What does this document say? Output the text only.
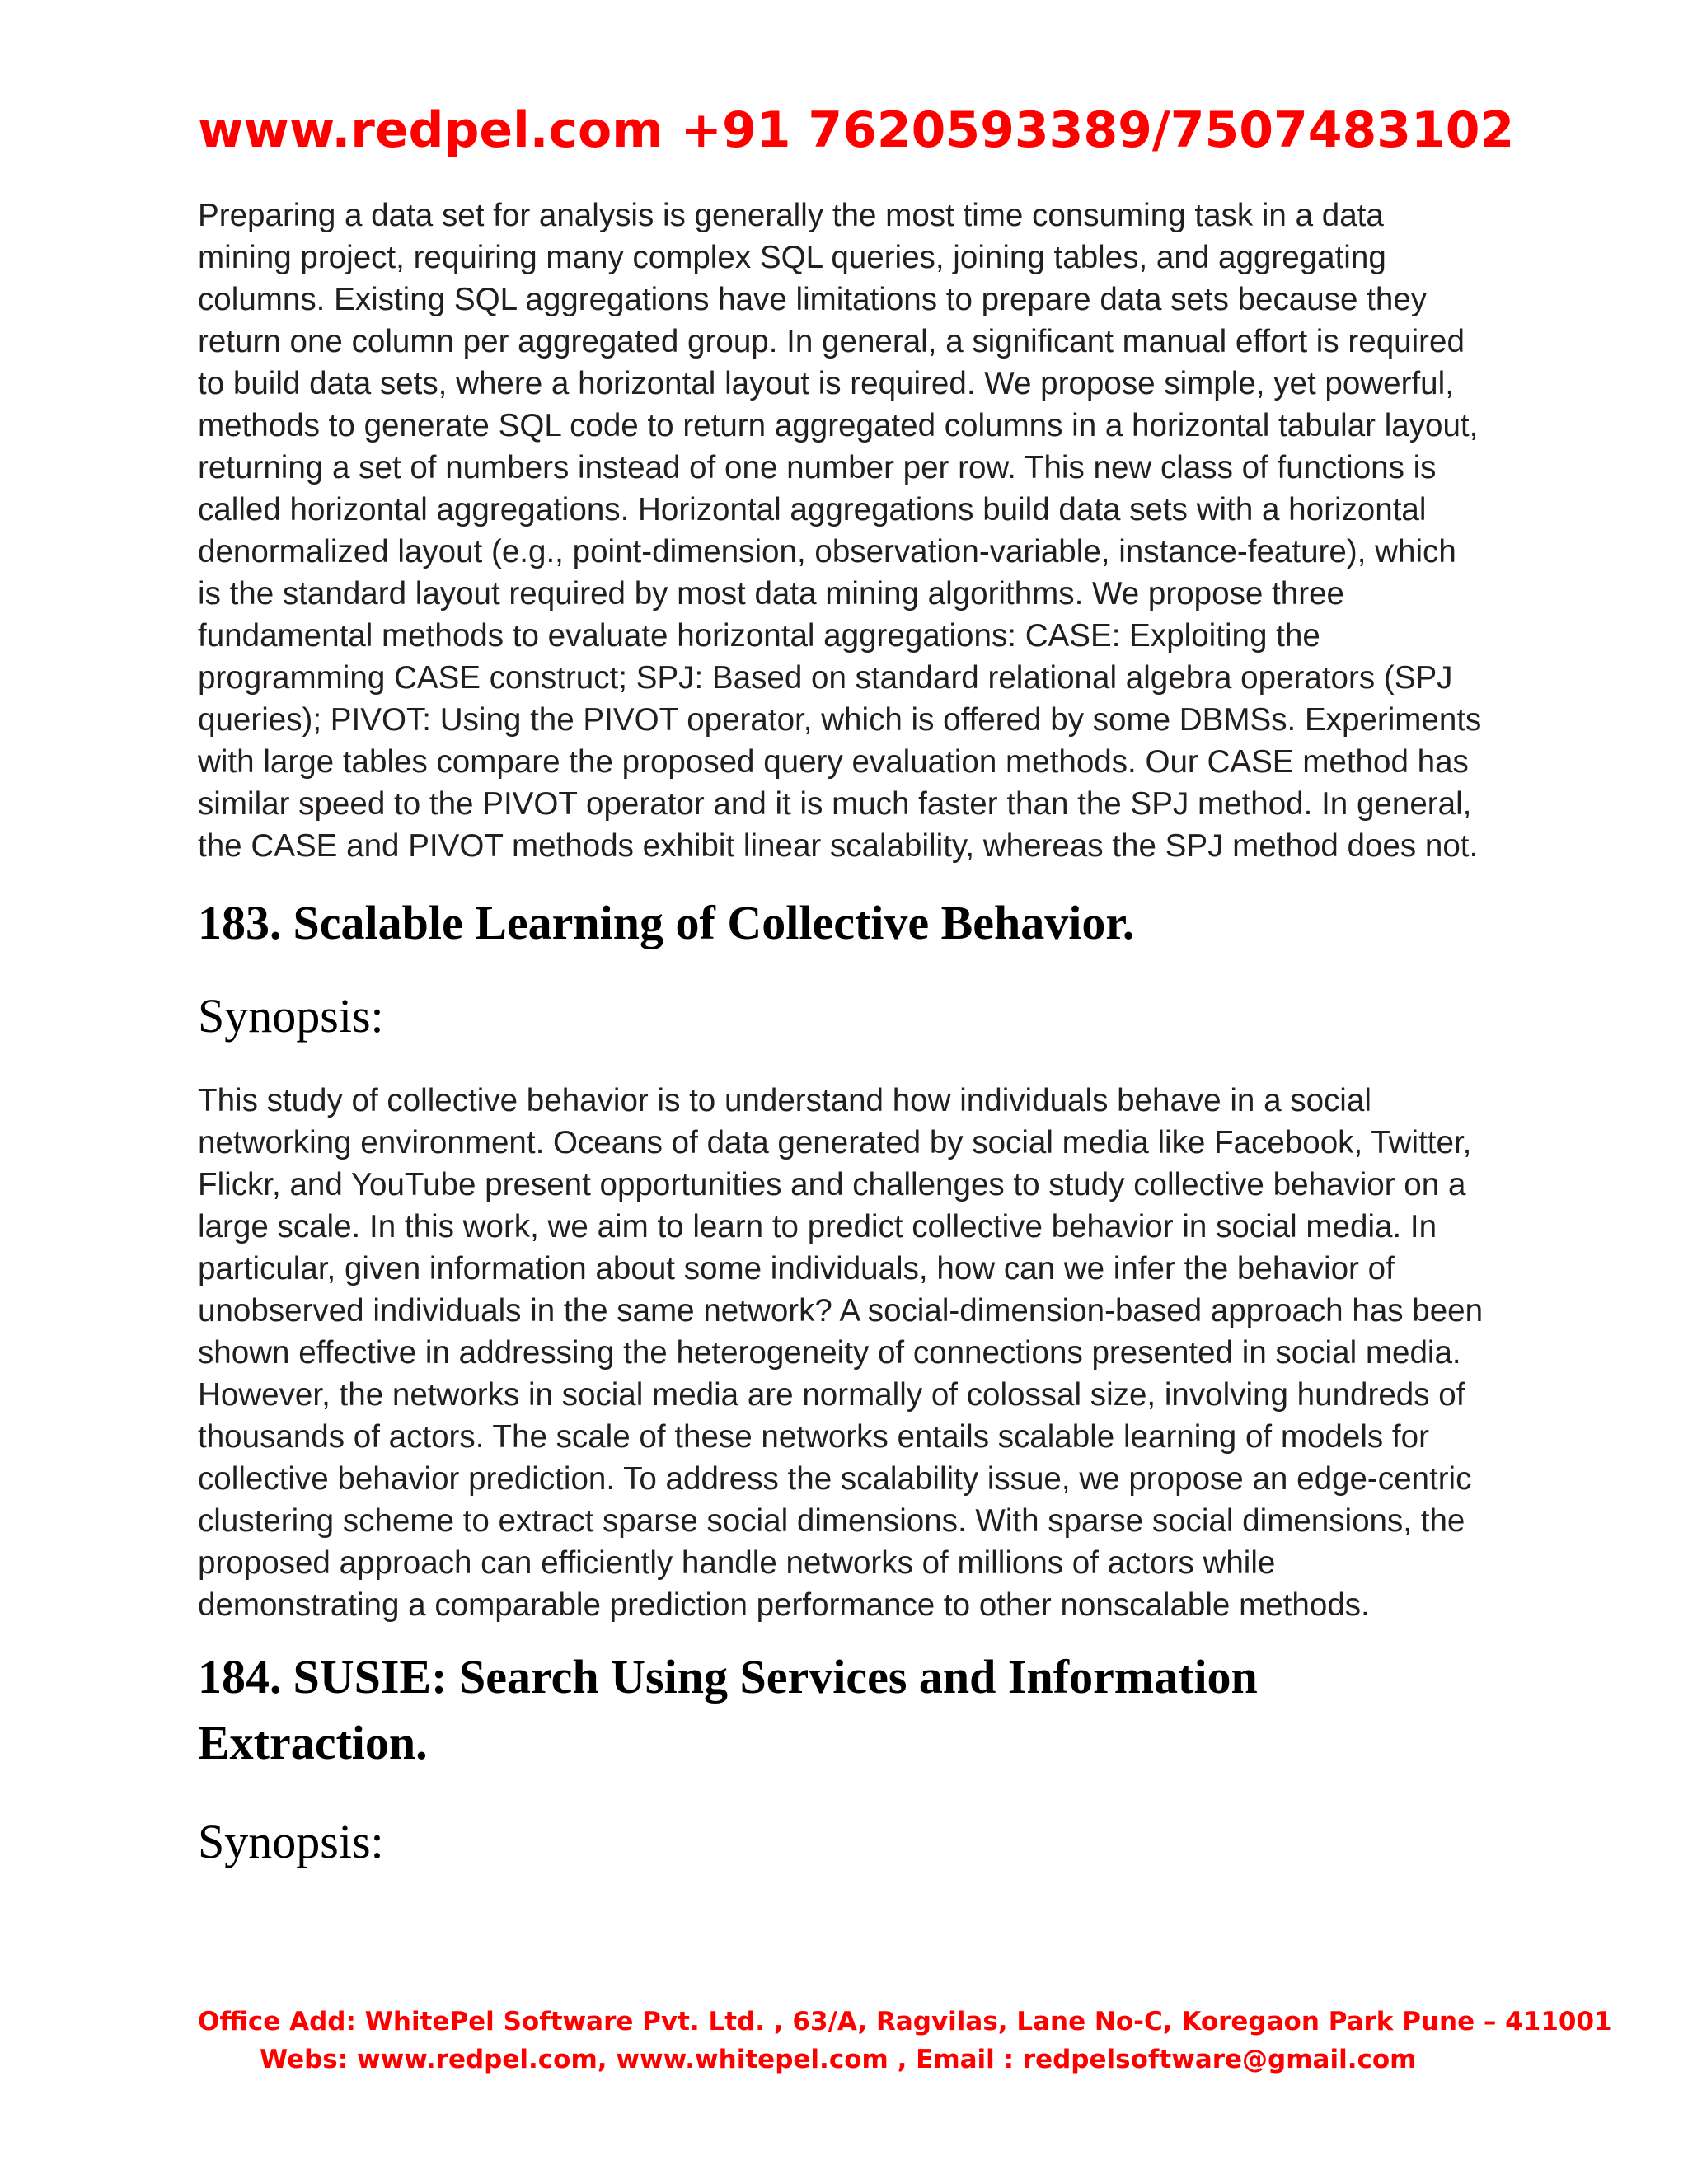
www.redpel.com +91 7620593389/7507483102

Preparing a data set for analysis is generally the most time consuming task in a data mining project, requiring many complex SQL queries, joining tables, and aggregating columns. Existing SQL aggregations have limitations to prepare data sets because they return one column per aggregated group. In general, a significant manual effort is required to build data sets, where a horizontal layout is required. We propose simple, yet powerful, methods to generate SQL code to return aggregated columns in a horizontal tabular layout, returning a set of numbers instead of one number per row. This new class of functions is called horizontal aggregations. Horizontal aggregations build data sets with a horizontal denormalized layout (e.g., point-dimension, observation-variable, instance-feature), which is the standard layout required by most data mining algorithms. We propose three fundamental methods to evaluate horizontal aggregations: CASE: Exploiting the programming CASE construct; SPJ: Based on standard relational algebra operators (SPJ queries); PIVOT: Using the PIVOT operator, which is offered by some DBMSs. Experiments with large tables compare the proposed query evaluation methods. Our CASE method has similar speed to the PIVOT operator and it is much faster than the SPJ method. In general, the CASE and PIVOT methods exhibit linear scalability, whereas the SPJ method does not.

183. Scalable Learning of Collective Behavior.
Synopsis:

This study of collective behavior is to understand how individuals behave in a social networking environment. Oceans of data generated by social media like Facebook, Twitter, Flickr, and YouTube present opportunities and challenges to study collective behavior on a large scale. In this work, we aim to learn to predict collective behavior in social media. In particular, given information about some individuals, how can we infer the behavior of unobserved individuals in the same network? A social-dimension-based approach has been shown effective in addressing the heterogeneity of connections presented in social media. However, the networks in social media are normally of colossal size, involving hundreds of thousands of actors. The scale of these networks entails scalable learning of models for collective behavior prediction. To address the scalability issue, we propose an edge-centric clustering scheme to extract sparse social dimensions. With sparse social dimensions, the proposed approach can efficiently handle networks of millions of actors while demonstrating a comparable prediction performance to other nonscalable methods.

184. SUSIE: Search Using Services and Information Extraction.
Synopsis:
Office Add: WhitePel Software Pvt. Ltd. , 63/A, Ragvilas, Lane No-C, Koregaon Park Pune – 411001
Webs: www.redpel.com, www.whitepel.com , Email : redpelsoftware@gmail.com
